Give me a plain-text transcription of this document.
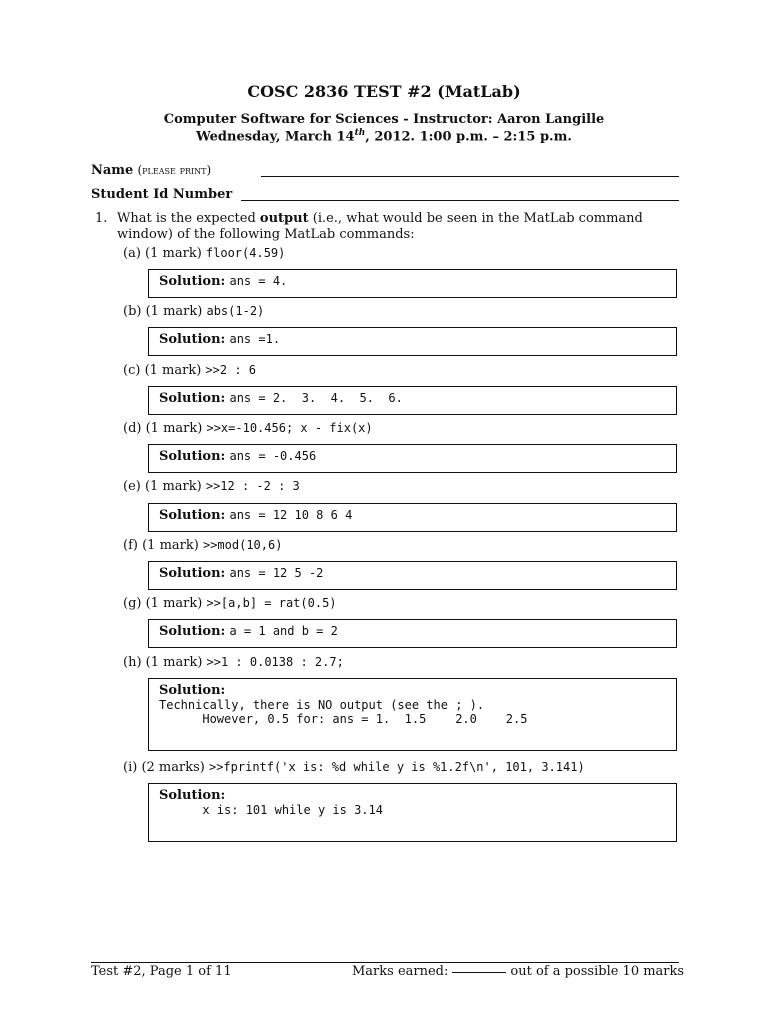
COSC 2836 TEST #2 (MatLab)
Computer Software for Sciences - Instructor: Aaron Langille
Wednesday, March 14th, 2012. 1:00 p.m. – 2:15 p.m.
Name (please print)
Student Id Number
1. What is the expected output (i.e., what would be seen in the MatLab command window) of the following MatLab commands:
(a) (1 mark) floor(4.59)
Solution: ans = 4.
(b) (1 mark) abs(1-2)
Solution: ans =1.
(c) (1 mark) >>2 : 6
Solution: ans = 2.  3.  4.  5.  6.
(d) (1 mark) >>x=-10.456; x - fix(x)
Solution: ans = -0.456
(e) (1 mark) >>12 : -2 : 3
Solution: ans = 12 10 8 6 4
(f) (1 mark) >>mod(10,6)
Solution: ans = 12 5 -2
(g) (1 mark) >>[a,b] = rat(0.5)
Solution: a = 1 and b = 2
(h) (1 mark) >>1 : 0.0138 : 2.7;
Solution:
Technically, there is NO output (see the ; ).
However, 0.5 for: ans = 1.  1.5    2.0    2.5
(i) (2 marks) >>fprintf('x is: %d while y is %1.2f\n', 101, 3.141)
Solution:
x is: 101 while y is 3.14
Test #2, Page 1 of 11	Marks earned:	out of a possible 10 marks
